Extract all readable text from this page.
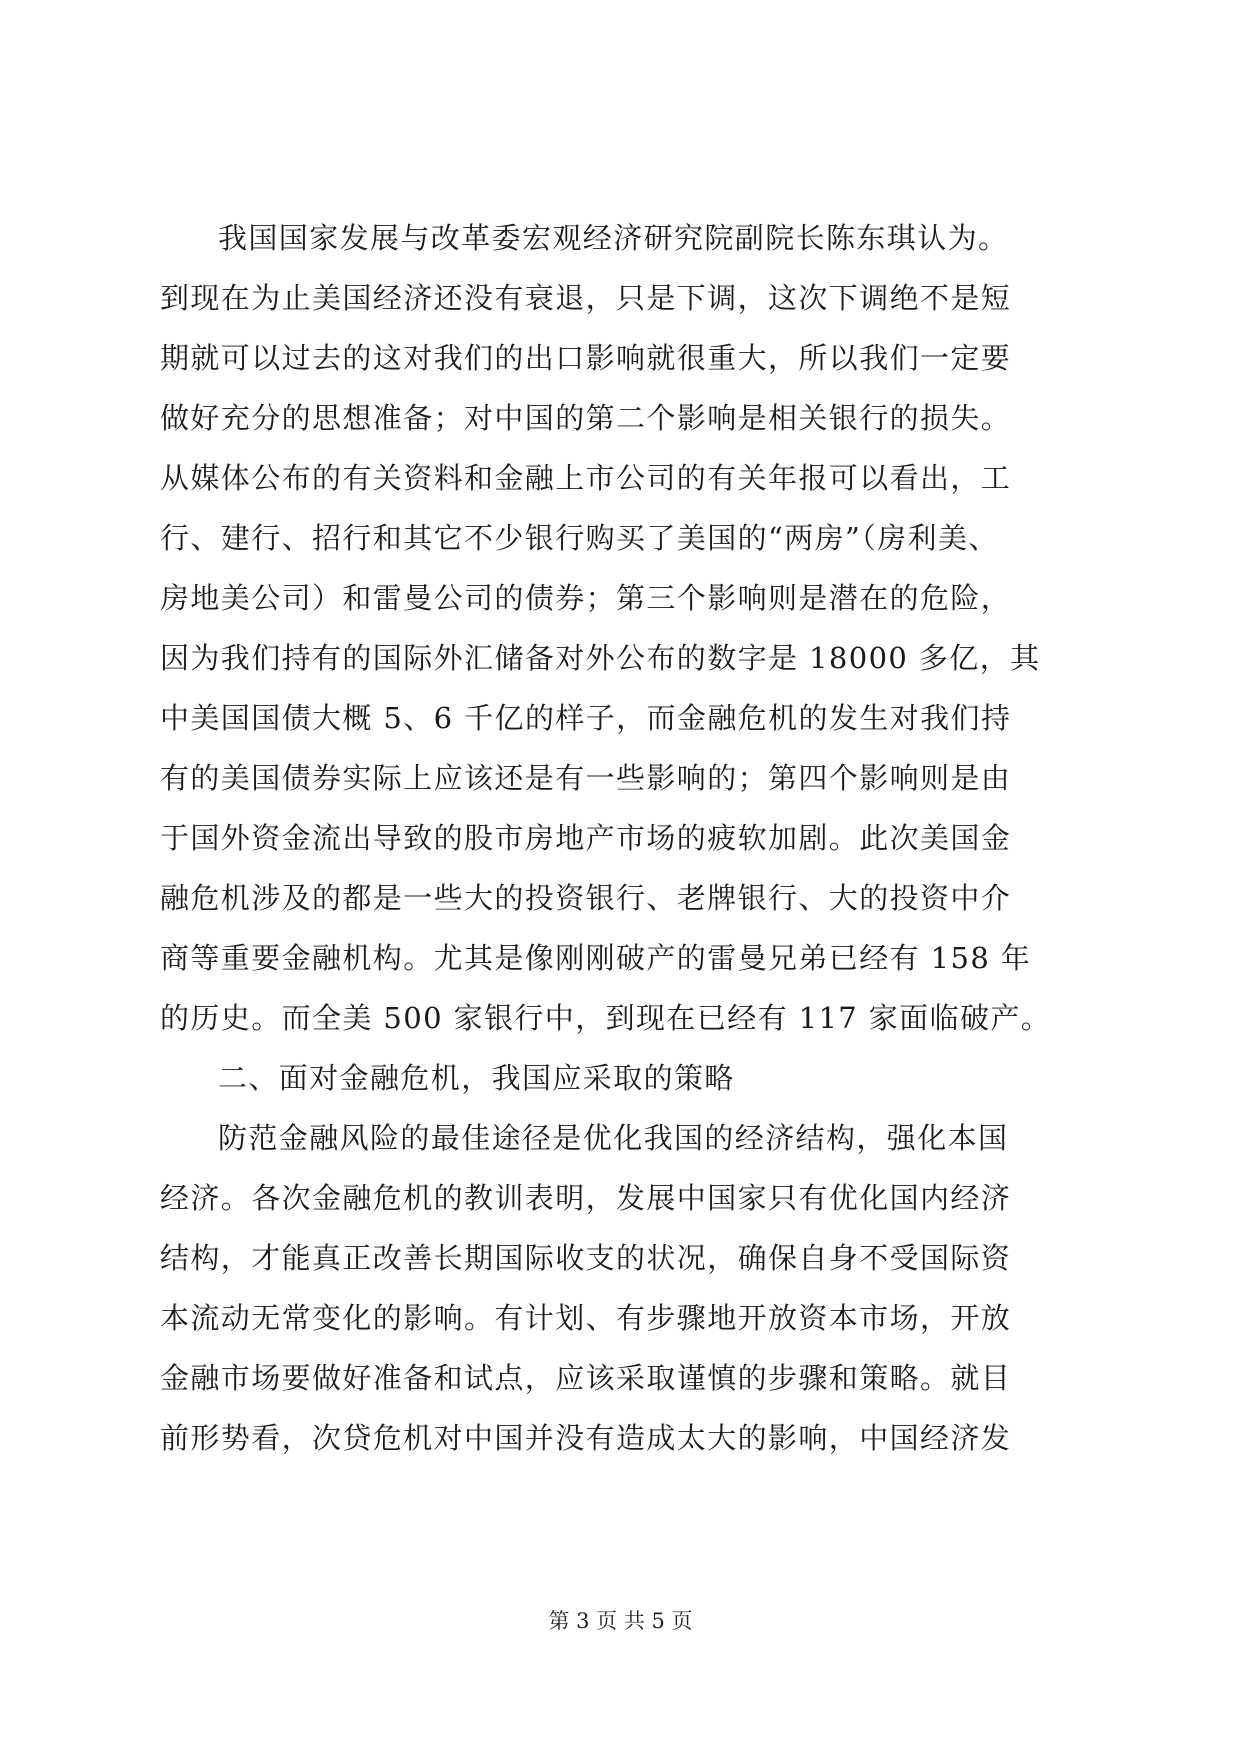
我国国家发展与改革委宏观经济研究院副院长陈东琪认为。
到现在为止美国经济还没有衰退，只是下调，这次下调绝不是短
期就可以过去的这对我们的出口影响就很重大，所以我们一定要
做好充分的思想准备；对中国的第二个影响是相关银行的损失。
从媒体公布的有关资料和金融上市公司的有关年报可以看出，工
行、建行、招行和其它不少银行购买了美国的“两房”（房利美、
房地美公司）和雷曼公司的债券；第三个影响则是潜在的危险，
因为我们持有的国际外汇储备对外公布的数字是 18000 多亿，其
中美国国债大概 5、6 千亿的样子，而金融危机的发生对我们持
有的美国债券实际上应该还是有一些影响的；第四个影响则是由
于国外资金流出导致的股市房地产市场的疲软加剧。此次美国金
融危机涉及的都是一些大的投资银行、老牌银行、大的投资中介
商等重要金融机构。尤其是像刚刚破产的雷曼兄弟已经有 158 年
的历史。而全美 500 家银行中，到现在已经有 117 家面临破产。
二、面对金融危机，我国应采取的策略
防范金融风险的最佳途径是优化我国的经济结构，强化本国
经济。各次金融危机的教训表明，发展中国家只有优化国内经济
结构，才能真正改善长期国际收支的状况，确保自身不受国际资
本流动无常变化的影响。有计划、有步骤地开放资本市场，开放
金融市场要做好准备和试点，应该采取谨慎的步骤和策略。就目
前形势看，次贷危机对中国并没有造成太大的影响，中国经济发
第 3 页 共 5 页
